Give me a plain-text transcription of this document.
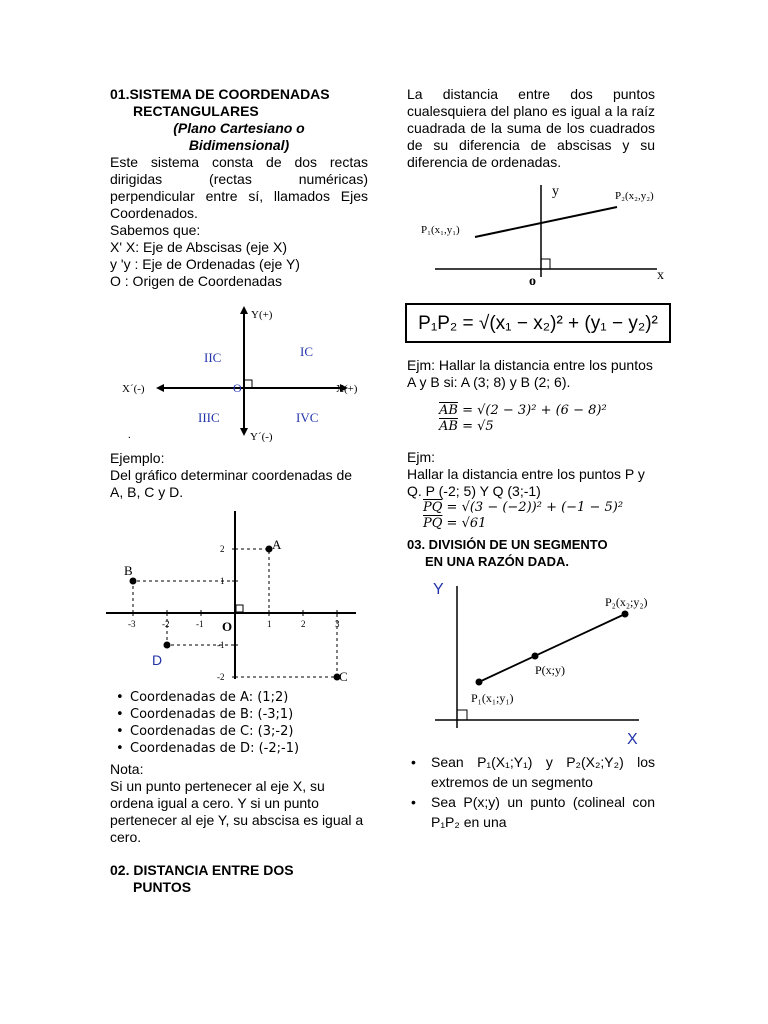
01.SISTEMA DE COORDENADAS
RECTANGULARES
(Plano Cartesiano o
Bidimensional)
Este sistema consta de dos rectas dirigidas (rectas numéricas) perpendicular entre sí, llamados Ejes Coordenados.
Sabemos que:
X' X: Eje de Abscisas (eje X)
y 'y : Eje de Ordenadas (eje Y)
O : Origen de Coordenadas
Y(+)
X(+)
X´(-)
Y´(-)
O
IC
IIC
IIIC	IVC
.
Ejemplo:
Del gráfico determinar coordenadas de A, B, C y D.
A
B
C
D
O
2
1
-1
-2
-3	-2	-1	1	2	3
• Coordenadas de A: (1;2)
• Coordenadas de B: (-3;1)
• Coordenadas de C: (3;-2)
• Coordenadas de D: (-2;-1)
Nota:
Si un punto pertenecer al eje X, su ordena igual a cero. Y si un punto pertenecer al eje Y, su abscisa es igual a cero.
02. DISTANCIA ENTRE DOS
PUNTOS
La distancia entre dos puntos cualesquiera del plano es igual a la raíz cuadrada de la suma de los cuadrados de su diferencia de abscisas y su diferencia de ordenadas.
y
x
o
P₁(x₁,y₁)
P₂(x₂,y₂)
P₁P₂ = √(x₁ − x₂)² + (y₁ − y₂)²
Ejm: Hallar la distancia entre los puntos
A y B si: A (3; 8) y B (2; 6).
$\overline{AB} = √(2 - 3)^2 + (6 - 8)^2$
$\overline{AB} = √5$
Ejm:
Hallar la distancia entre los puntos P y Q. P (-2; 5) Y Q (3;-1)
$\overline{PQ} = √(3 - (-2))^2 + (-1 - 5)^2$
$\overline{PQ} = √61$
03. DIVISIÓN DE UN SEGMENTO
EN UNA RAZÓN DADA.
Y
X
P₁(x₁;y₁)
P(x;y)
P₂(x₂;y₂)
• Sean P₁(X₁;Y₁) y P₂(X₂;Y₂) los extremos de un segmento
• Sea P(x;y) un punto (colineal con P₁P₂ en una
